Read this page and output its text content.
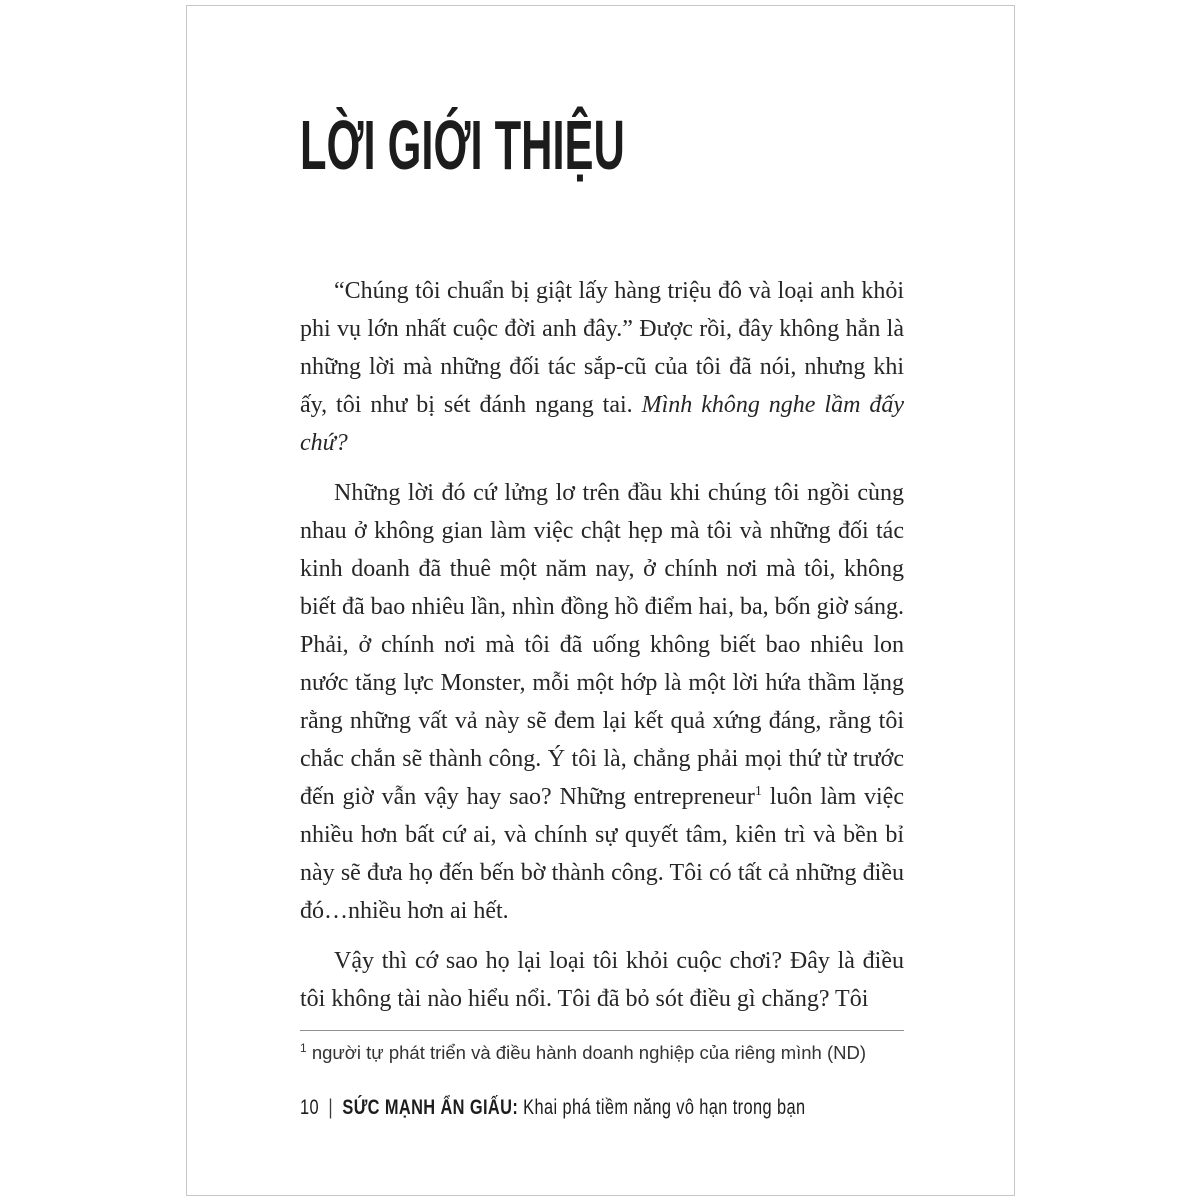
LỜI GIỚI THIỆU

“Chúng tôi chuẩn bị giật lấy hàng triệu đô và loại anh khỏi phi vụ lớn nhất cuộc đời anh đây.” Được rồi, đây không hẳn là những lời mà những đối tác sắp-cũ của tôi đã nói, nhưng khi ấy, tôi như bị sét đánh ngang tai. Mình không nghe lầm đấy chứ?

Những lời đó cứ lửng lơ trên đầu khi chúng tôi ngồi cùng nhau ở không gian làm việc chật hẹp mà tôi và những đối tác kinh doanh đã thuê một năm nay, ở chính nơi mà tôi, không biết đã bao nhiêu lần, nhìn đồng hồ điểm hai, ba, bốn giờ sáng. Phải, ở chính nơi mà tôi đã uống không biết bao nhiêu lon nước tăng lực Monster, mỗi một hớp là một lời hứa thầm lặng rằng những vất vả này sẽ đem lại kết quả xứng đáng, rằng tôi chắc chắn sẽ thành công. Ý tôi là, chẳng phải mọi thứ từ trước đến giờ vẫn vậy hay sao? Những entrepreneur$^1$ luôn làm việc nhiều hơn bất cứ ai, và chính sự quyết tâm, kiên trì và bền bỉ này sẽ đưa họ đến bến bờ thành công. Tôi có tất cả những điều đó…nhiều hơn ai hết.

Vậy thì cớ sao họ lại loại tôi khỏi cuộc chơi? Đây là điều tôi không tài nào hiểu nổi. Tôi đã bỏ sót điều gì chăng? Tôi

$^1$ người tự phát triển và điều hành doanh nghiệp của riêng mình (ND)

10 | SỨC MẠNH ẨN GIẤU: Khai phá tiềm năng vô hạn trong bạn
